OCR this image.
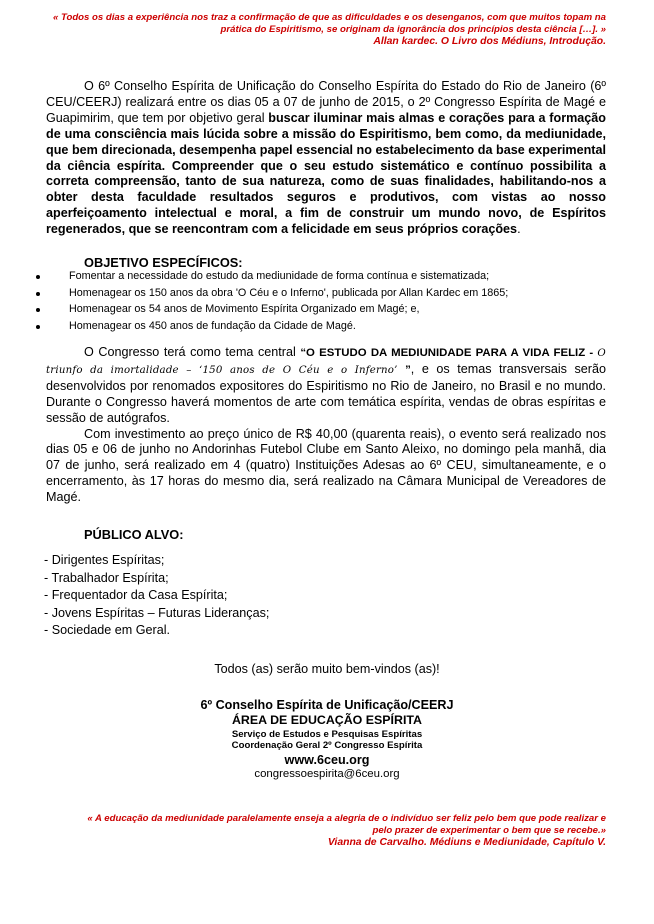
« Todos os dias a experiência nos traz a confirmação de que as dificuldades e os desenganos, com que muitos topam na prática do Espiritismo, se originam da ignorância dos princípios desta ciência […]. »
Allan kardec. O Livro dos Médiuns, Introdução.

O 6º Conselho Espírita de Unificação do Conselho Espírita do Estado do Rio de Janeiro (6º CEU/CEERJ) realizará entre os dias 05 a 07 de junho de 2015, o 2º Congresso Espírita de Magé e Guapimirim, que tem por objetivo geral buscar iluminar mais almas e corações para a formação de uma consciência mais lúcida sobre a missão do Espiritismo, bem como, da mediunidade, que bem direcionada, desempenha papel essencial no estabelecimento da base experimental da ciência espírita. Compreender que o seu estudo sistemático e contínuo possibilita a correta compreensão, tanto de sua natureza, como de suas finalidades, habilitando-nos a obter desta faculdade resultados seguros e produtivos, com vistas ao nosso aperfeiçoamento intelectual e moral, a fim de construir um mundo novo, de Espíritos regenerados, que se reencontram com a felicidade em seus próprios corações.

OBJETIVO ESPECÍFICOS:
Fomentar a necessidade do estudo da mediunidade de forma contínua e sistematizada;
Homenagear os 150 anos da obra 'O Céu e o Inferno', publicada por Allan Kardec em 1865;
Homenagear os 54 anos de Movimento Espírita Organizado em Magé; e,
Homenagear os 450 anos de fundação da Cidade de Magé.

O Congresso terá como tema central “O ESTUDO DA MEDIUNIDADE PARA A VIDA FELIZ - O triunfo da imortalidade – ‘150 anos de O Céu e o Inferno’ ”, e os temas transversais serão desenvolvidos por renomados expositores do Espiritismo no Rio de Janeiro, no Brasil e no mundo. Durante o Congresso haverá momentos de arte com temática espírita, vendas de obras espíritas e sessão de autógrafos.

Com investimento ao preço único de R$ 40,00 (quarenta reais), o evento será realizado nos dias 05 e 06 de junho no Andorinhas Futebol Clube em Santo Aleixo, no domingo pela manhã, dia 07 de junho, será realizado em 4 (quatro) Instituições Adesas ao 6º CEU, simultaneamente, e o encerramento, às 17 horas do mesmo dia, será realizado na Câmara Municipal de Vereadores de Magé.

PÚBLICO ALVO:
- Dirigentes Espíritas;
- Trabalhador Espírita;
- Frequentador da Casa Espírita;
- Jovens Espíritas – Futuras Lideranças;
- Sociedade em Geral.
Todos (as) serão muito bem-vindos (as)!
6º Conselho Espírita de Unificação/CEERJ
ÁREA DE EDUCAÇÃO ESPÍRITA
Serviço de Estudos e Pesquisas Espíritas
Coordenação Geral 2º Congresso Espírita
www.6ceu.org
congressoespirita@6ceu.org
« A educação da mediunidade paralelamente enseja a alegria de o indivíduo ser feliz pelo bem que pode realizar e pelo prazer de experimentar o bem que se recebe.»
Vianna de Carvalho. Médiuns e Mediunidade, Capítulo V.
